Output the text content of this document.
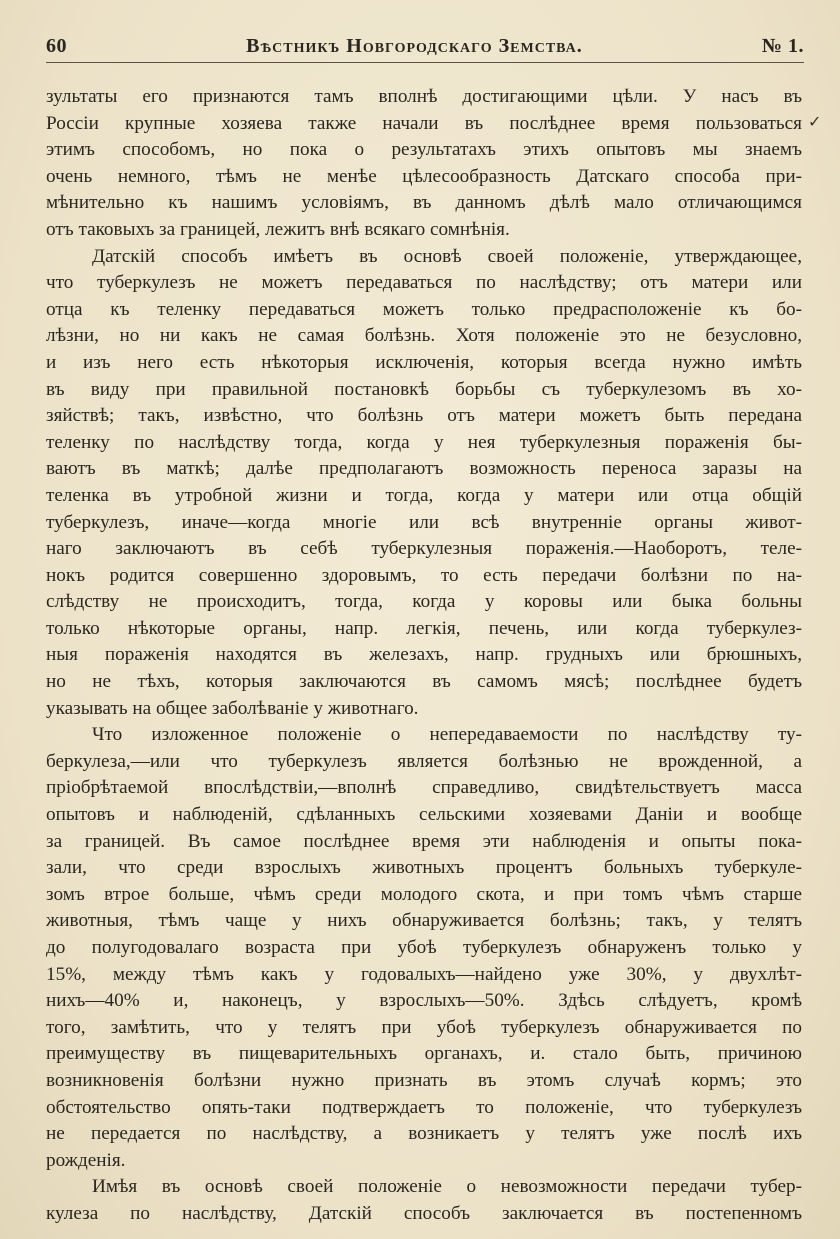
60	Вѣстникъ Новгородскаго Земства.	№ 1.
✓
зультаты его признаются тамъ вполнѣ достигающими цѣли. У насъ въ
Россіи крупные хозяева также начали въ послѣднее время пользоваться
этимъ способомъ, но пока о результатахъ этихъ опытовъ мы знаемъ
очень немного, тѣмъ не менѣе цѣлесообразность Датскаго способа при-
мѣнительно къ нашимъ условіямъ, въ данномъ дѣлѣ мало отличающимся
отъ таковыхъ за границей, лежитъ внѣ всякаго сомнѣнія.
Датскій способъ имѣетъ въ основѣ своей положеніе, утверждающее,
что туберкулезъ не можетъ передаваться по наслѣдству; отъ матери или
отца къ теленку передаваться можетъ только предрасположеніе къ бо-
лѣзни, но ни какъ не самая болѣзнь. Хотя положеніе это не безусловно,
и изъ него есть нѣкоторыя исключенія, которыя всегда нужно имѣть
въ виду при правильной постановкѣ борьбы съ туберкулезомъ въ хо-
зяйствѣ; такъ, извѣстно, что болѣзнь отъ матери можетъ быть передана
теленку по наслѣдству тогда, когда у нея туберкулезныя пораженія бы-
ваютъ въ маткѣ; далѣе предполагаютъ возможность переноса заразы на
теленка въ утробной жизни и тогда, когда у матери или отца общій
туберкулезъ, иначе—когда многіе или всѣ внутренніе органы живот-
наго заключаютъ въ себѣ туберкулезныя пораженія.—Наоборотъ, теле-
нокъ родится совершенно здоровымъ, то есть передачи болѣзни по на-
слѣдству не происходитъ, тогда, когда у коровы или быка больны
только нѣкоторые органы, напр. легкія, печень, или когда туберкулез-
ныя пораженія находятся въ железахъ, напр. грудныхъ или брюшныхъ,
но не тѣхъ, которыя заключаются въ самомъ мясѣ; послѣднее будетъ
указывать на общее заболѣваніе у животнаго.
Что изложенное положеніе о непередаваемости по наслѣдству ту-
беркулеза,—или что туберкулезъ является болѣзнью не врожденной, а
пріобрѣтаемой впослѣдствіи,—вполнѣ справедливо, свидѣтельствуетъ масса
опытовъ и наблюденій, сдѣланныхъ сельскими хозяевами Даніи и вообще
за границей. Въ самое послѣднее время эти наблюденія и опыты пока-
зали, что среди взрослыхъ животныхъ процентъ больныхъ туберкуле-
зомъ втрое больше, чѣмъ среди молодого скота, и при томъ чѣмъ старше
животныя, тѣмъ чаще у нихъ обнаруживается болѣзнь; такъ, у телятъ
до полугодовалаго возраста при убоѣ туберкулезъ обнаруженъ только у
15%, между тѣмъ какъ у годовалыхъ—найдено уже 30%, у двухлѣт-
нихъ—40% и, наконецъ, у взрослыхъ—50%. Здѣсь слѣдуетъ, кромѣ
того, замѣтить, что у телятъ при убоѣ туберкулезъ обнаруживается по
преимуществу въ пищеварительныхъ органахъ, и. стало быть, причиною
возникновенія болѣзни нужно признать въ этомъ случаѣ кормъ; это
обстоятельство опять-таки подтверждаетъ то положеніе, что туберкулезъ
не передается по наслѣдству, а возникаетъ у телятъ уже послѣ ихъ
рожденія.
Имѣя въ основѣ своей положеніе о невозможности передачи тубер-
кулеза по наслѣдству, Датскій способъ заключается въ постепенномъ
